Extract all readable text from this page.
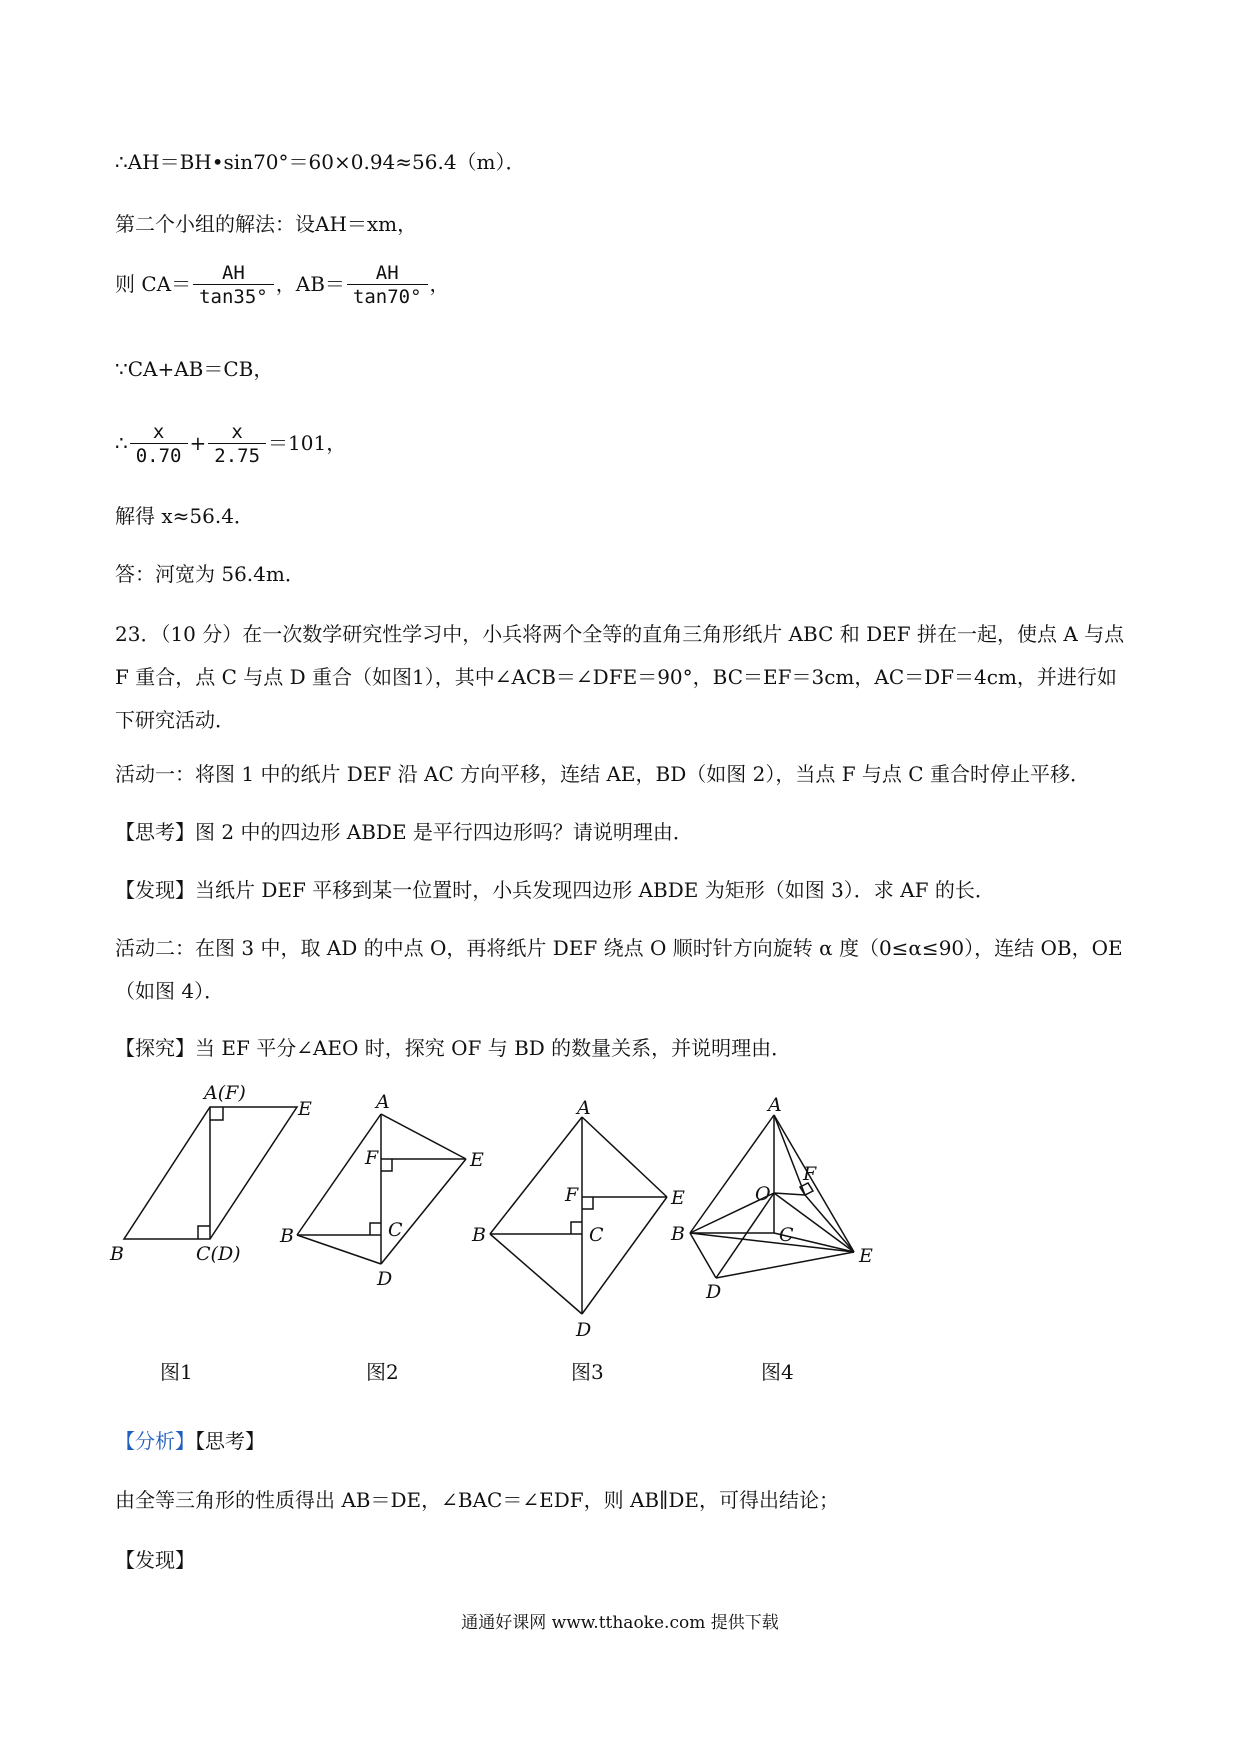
∴AH＝BH•sin70°＝60×0.94≈56.4（m）．
第二个小组的解法：设AH＝xm，
则 $CA= \frac{AH}{\tan 35^\circ}$ ，$AB= \frac{AH}{\tan 70^\circ}$ ，
∵CA+AB＝CB，
∴ $\frac{x}{0.70} + \frac{x}{2.75} =101$，
解得 x≈56.4．
答：河宽为 56.4m．
23．（10 分）在一次数学研究性学习中，小兵将两个全等的直角三角形纸片 ABC 和 DEF 拼在一起，使点 A 与点 F 重合，点 C 与点 D 重合（如图1），其中∠ACB＝∠DFE＝90°，BC＝EF＝3cm，AC＝DF＝4cm，并进行如下研究活动．
活动一：将图 1 中的纸片 DEF 沿 AC 方向平移，连结 AE，BD（如图 2），当点 F 与点 C 重合时停止平移．
【思考】图 2 中的四边形 ABDE 是平行四边形吗？请说明理由．
【发现】当纸片 DEF 平移到某一位置时，小兵发现四边形 ABDE 为矩形（如图 3）．求 AF 的长．
活动二：在图 3 中，取 AD 的中点 O，再将纸片 DEF 绕点 O 顺时针方向旋转 α 度（0≤α≤90），连结 OB，OE（如图 4）．
【探究】当 EF 平分∠AEO 时，探究 OF 与 BD 的数量关系，并说明理由．
A(F)
B	C(D)
E	A
E
F
B	C
D
A
E
F
B	C
D
A
F
O
B	C
E
D
图1	图2	图3	图4
【分析】【思考】
由全等三角形的性质得出 AB＝DE，∠BAC＝∠EDF，则 AB∥DE，可得出结论；
【发现】
通通好课网 www.tthaoke.com 提供下载
